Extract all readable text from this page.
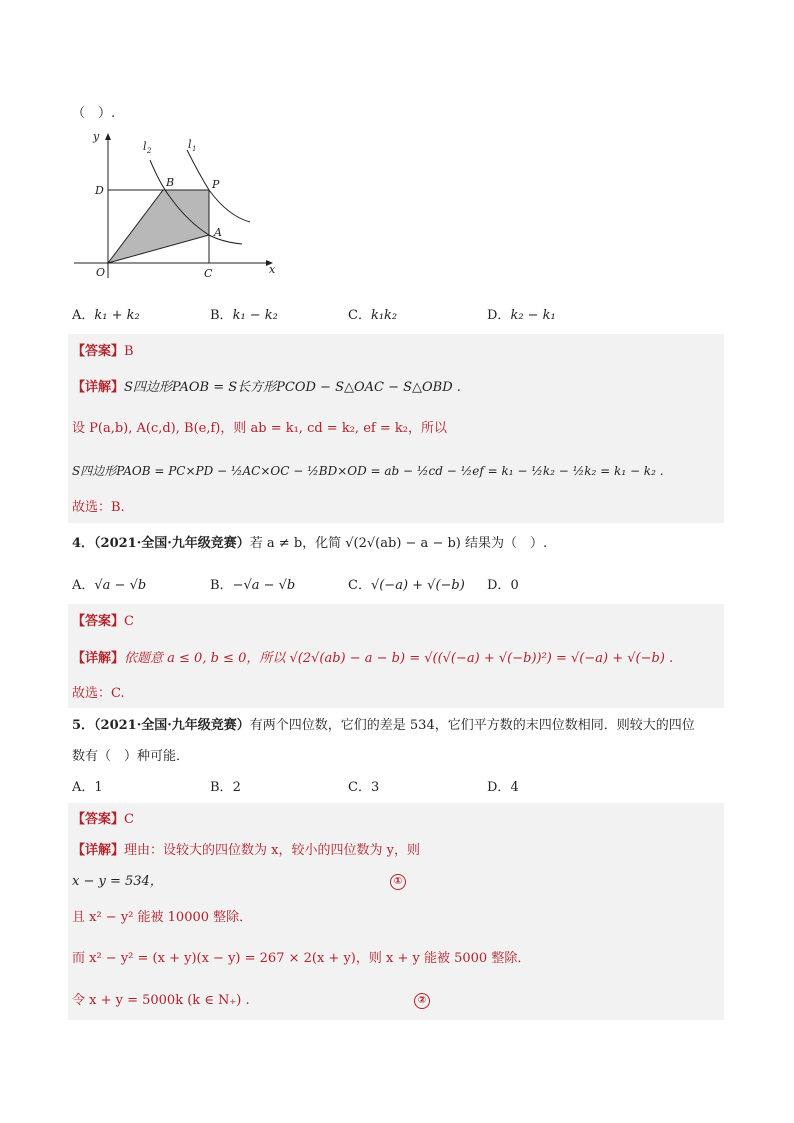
（　）.
y
l 2	l 1
D
B	P
A
O	C	x
A．k₁ + k₂	B．k₁ − k₂	C．k₁k₂	D．k₂ − k₁
【答案】B
【详解】S四边形PAOB = S长方形PCOD − S△OAC − S△OBD .
设 P(a,b), A(c,d), B(e,f)，则 ab = k₁, cd = k₂, ef = k₂，所以
S四边形PAOB = PC×PD − ½AC×OC − ½BD×OD = ab − ½cd − ½ef = k₁ − ½k₂ − ½k₂ = k₁ − k₂ .
故选：B.
4．（2021·全国·九年级竞赛）若 a ≠ b，化简 √(2√(ab) − a − b) 结果为（　）.
A．√a − √b	B．−√a − √b	C．√(−a) + √(−b) D．0
【答案】C
【详解】依题意 a ≤ 0, b ≤ 0，所以 √(2√(ab) − a − b) = √((√(−a) + √(−b))²) = √(−a) + √(−b) .
故选：C.
5．（2021·全国·九年级竞赛）有两个四位数，它们的差是 534，它们平方数的末四位数相同．则较大的四位
数有（　）种可能．
A．1	B．2	C．3	D．4
【答案】C
【详解】理由：设较大的四位数为 x，较小的四位数为 y，则
x − y = 534，	①
且 x² − y² 能被 10000 整除．
而 x² − y² = (x + y)(x − y) = 267 × 2(x + y)，则 x + y 能被 5000 整除．
令 x + y = 5000k (k ∈ N₊) .	②
